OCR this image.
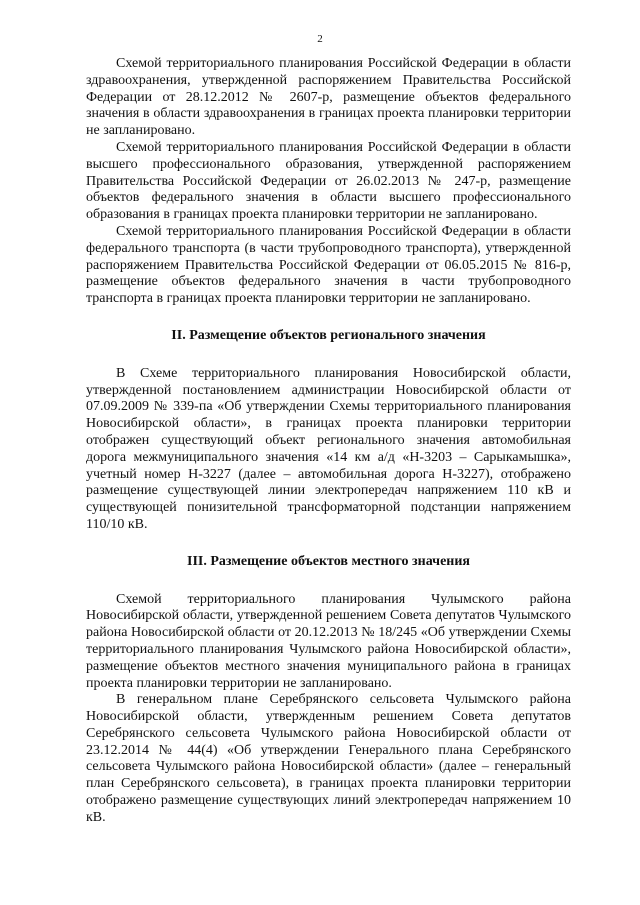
2

Схемой территориального планирования Российской Федерации в области здравоохранения, утвержденной распоряжением Правительства Российской Федерации от 28.12.2012 № 2607-р, размещение объектов федерального значения в области здравоохранения в границах проекта планировки территории не запланировано.

Схемой территориального планирования Российской Федерации в области высшего профессионального образования, утвержденной распоряжением Правительства Российской Федерации от 26.02.2013 № 247-р, размещение объектов федерального значения в области высшего профессионального образования в границах проекта планировки территории не запланировано.

Схемой территориального планирования Российской Федерации в области федерального транспорта (в части трубопроводного транспорта), утвержденной распоряжением Правительства Российской Федерации от 06.05.2015 № 816-р, размещение объектов федерального значения в части трубопроводного транспорта в границах проекта планировки территории не запланировано.

II. Размещение объектов регионального значения

В Схеме территориального планирования Новосибирской области, утвержденной постановлением администрации Новосибирской области от 07.09.2009 № 339-па «Об утверждении Схемы территориального планирования Новосибирской области», в границах проекта планировки территории отображен существующий объект регионального значения автомобильная дорога межмуниципального значения «14 км а/д «Н-3203 – Сарыкамышка», учетный номер Н-3227 (далее – автомобильная дорога Н-3227), отображено размещение существующей линии электропередач напряжением 110 кВ и существующей понизительной трансформаторной подстанции напряжением 110/10 кВ.

III. Размещение объектов местного значения

Схемой территориального планирования Чулымского района Новосибирской области, утвержденной решением Совета депутатов Чулымского района Новосибирской области от 20.12.2013 № 18/245 «Об утверждении Схемы территориального планирования Чулымского района Новосибирской области», размещение объектов местного значения муниципального района в границах проекта планировки территории не запланировано.

В генеральном плане Серебрянского сельсовета Чулымского района Новосибирской области, утвержденным решением Совета депутатов Серебрянского сельсовета Чулымского района Новосибирской области от 23.12.2014 № 44(4) «Об утверждении Генерального плана Серебрянского сельсовета Чулымского района Новосибирской области» (далее – генеральный план Серебрянского сельсовета), в границах проекта планировки территории отображено размещение существующих линий электропередач напряжением 10 кВ.
